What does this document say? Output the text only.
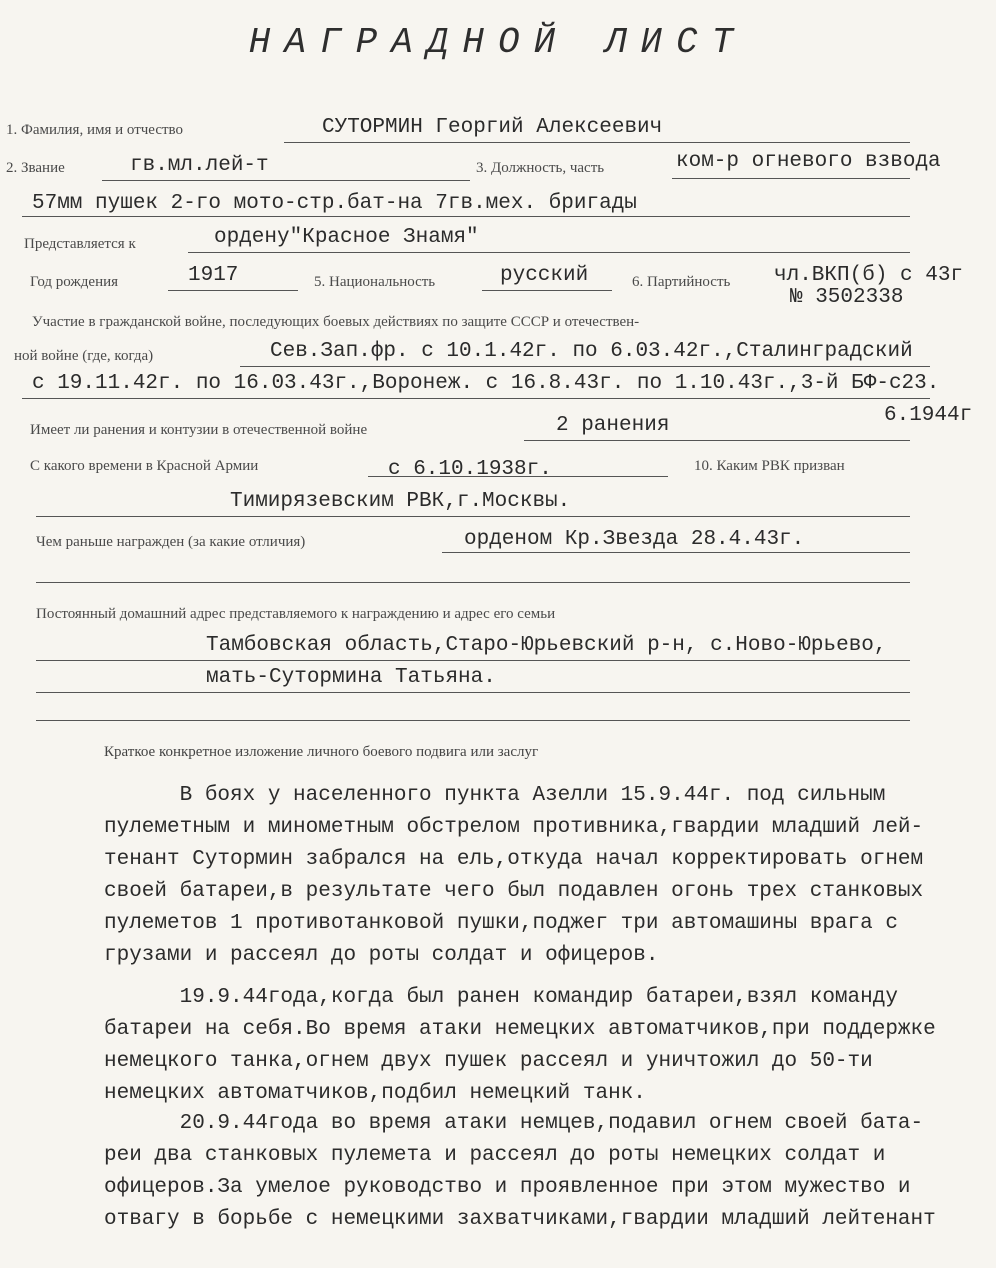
НАГРАДНОЙ ЛИСТ
1. Фамилия, имя и отчество	СУТОРМИН Георгий Алексеевич
2. Звание	гв.мл.лей-т	3. Должность, часть	ком-р огневого взвода
57мм пушек 2-го мото-стр.бат-на 7гв.мех. бригады
Представляется к	ордену"Красное Знамя"
Год рождения	1917	5. Национальность	русский	6. Партийность чл.ВКП(б) с 43г
№ 3502338
Участие в гражданской войне, последующих боевых действиях по защите СССР и отечествен-
ной войне (где, когда)	Сев.Зап.фр. с 10.1.42г. по 6.03.42г.,Сталинградский
с 19.11.42г. по 16.03.43г.,Воронеж. с 16.8.43г. по 1.10.43г.,3-й БФ-с23.
6.1944г
Имеет ли ранения и контузии в отечественной войне	2 ранения
С какого времени в Красной Армии	с 6.10.1938г.	10. Каким РВК призван
Тимирязевским РВК,г.Москвы.
Чем раньше награжден (за какие отличия)	орденом Кр.Звезда 28.4.43г.
Постоянный домашний адрес представляемого к награждению и адрес его семьи
Тамбовская область,Старо-Юрьевский р-н, с.Ново-Юрьево,
мать-Сутормина Татьяна.
Краткое конкретное изложение личного боевого подвига или заслуг
В боях у населенного пункта Азелли 15.9.44г. под сильным
пулеметным и минометным обстрелом противника,гвардии младший лей-
тенант Сутормин забрался на ель,откуда начал корректировать огнем
своей батареи,в результате чего был подавлен огонь трех станковых
пулеметов 1 противотанковой пушки,поджег три автомашины врага с
грузами и рассеял до роты солдат и офицеров.
19.9.44года,когда был ранен командир батареи,взял команду
батареи на себя.Во время атаки немецких автоматчиков,при поддержке
немецкого танка,огнем двух пушек рассеял и уничтожил до 50-ти
немецких автоматчиков,подбил немецкий танк.
20.9.44года во время атаки немцев,подавил огнем своей бата-
реи два станковых пулемета и рассеял до роты немецких солдат и
офицеров.За умелое руководство и проявленное при этом мужество и
отвагу в борьбе с немецкими захватчиками,гвардии младший лейтенант
